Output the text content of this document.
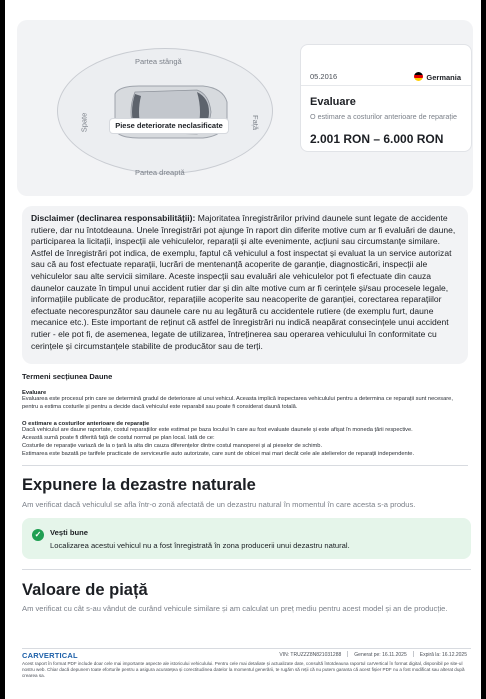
Partea stângă
Partea dreaptă
Spate	Față
Piese deteriorate neclasificate
05.2016	Germania
Evaluare
O estimare a costurilor anterioare de reparație
2.001 RON – 6.000 RON
Disclaimer (declinarea responsabilității): Majoritatea înregistrărilor privind daunele sunt legate de accidente rutiere, dar nu întotdeauna. Unele înregistrări pot ajunge în raport din diferite motive cum ar fi evaluări de daune, participarea la licitații, inspecții ale vehiculelor, reparații și alte evenimente, acțiuni sau circumstanțe similare. Astfel de înregistrări pot indica, de exemplu, faptul că vehiculul a fost inspectat și evaluat la un service autorizat sau că au fost efectuate reparații, lucrări de mentenanță acoperite de garanție, diagnosticări, inspecții ale vehiculelor sau alte servicii similare. Aceste inspecții sau evaluări ale vehiculelor pot fi efectuate din cauza daunelor cauzate în timpul unui accident rutier dar și din alte motive cum ar fi cerințele și/sau procesele legale, informațiile publicate de producător, reparațiile acoperite sau neacoperite de garanției, corectarea reparațiilor efectuate necorespunzător sau daunele care nu au legătură cu accidentele rutiere (de exemplu furt, daune mecanice etc.). Este important de reținut că astfel de înregistrări nu indică neapărat consecințele unui accident rutier - ele pot fi, de asemenea, legate de utilizarea, întreținerea sau operarea vehiculului în conformitate cu cerințele și circumstanțele stabilite de producător sau de terți.
Termeni secțiunea Daune
Evaluare
Evaluarea este procesul prin care se determină gradul de deteriorare al unui vehicul. Aceasta implică inspectarea vehiculului pentru a determina ce reparații sunt necesare, pentru a estima costurile și pentru a decide dacă vehiculul este reparabil sau poate fi considerat daună totală.
O estimare a costurilor anterioare de reparație
Dacă vehiculul are daune raportate, costul reparațiilor este estimat pe baza locului în care au fost evaluate daunele și este afișat în moneda țării respective.
Această sumă poate fi diferită față de costul normal pe plan local. Iată de ce:
Costurile de reparație variază de la o țară la alta din cauza diferențelor dintre costul manoperei și al pieselor de schimb.
Estimarea este bazată pe tarifele practicate de serviceurile auto autorizate, care sunt de obicei mai mari decât cele ale atelierelor de reparații independente.
Expunere la dezastre naturale
Am verificat dacă vehiculul se afla într-o zonă afectată de un dezastru natural în momentul în care acesta s-a produs.
✓	Vești bune
Localizarea acestui vehicul nu a fost înregistrată în zona producerii unui dezastru natural.
Valoare de piață
Am verificat cu cât s-au vândut de curând vehicule similare și am calculat un preț mediu pentru acest model și an de producție.
CARVERTICAL	VIN: TRUZZZ8N821031288	Generat pe: 16.11.2025	Expiră la: 16.12.2025
Acest raport în format PDF include doar cele mai importante aspecte ale istoricului vehiculului. Pentru cele mai detaliate și actualizate date, consultă întotdeauna raportul carVertical în format digital, disponibil pe site-ul nostru web. Chiar dacă depunem toate eforturile pentru a asigura acuratețea și corectitudinea datelor la momentul generării, te rugăm să reții că nu putem garanta că acest fișier PDF nu a fost modificat sau alterat după crearea sa.
